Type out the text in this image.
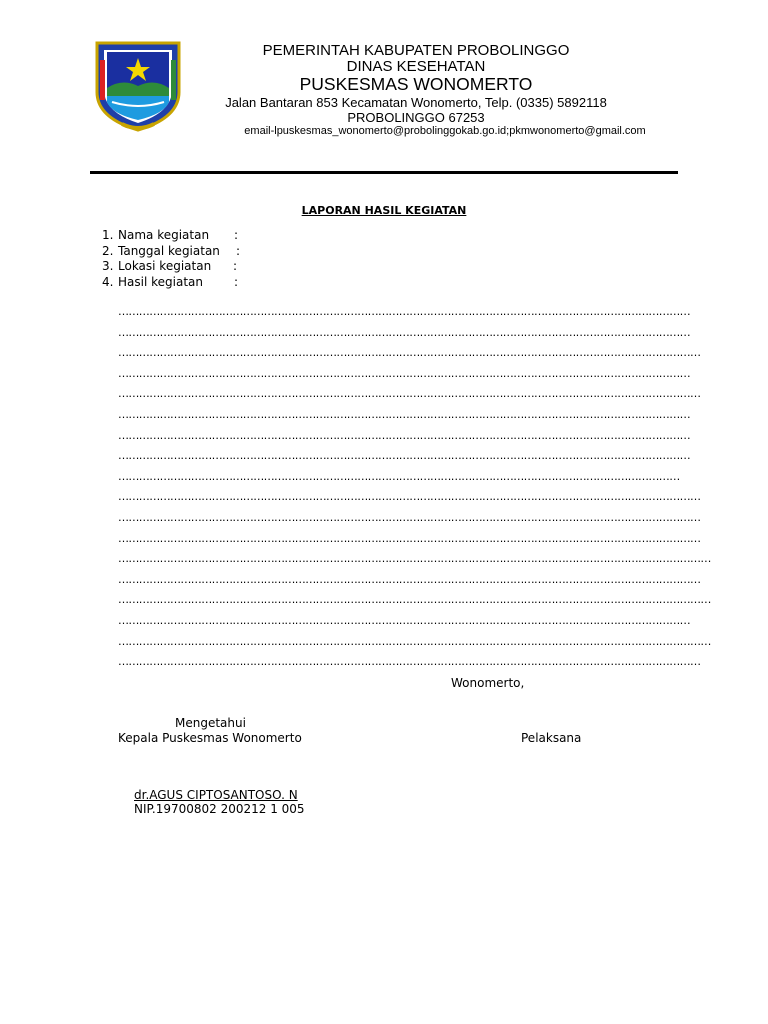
PEMERINTAH KABUPATEN PROBOLINGGO
DINAS KESEHATAN
PUSKESMAS WONOMERTO
Jalan Bantaran 853 Kecamatan Wonomerto, Telp. (0335) 5892118
PROBOLINGGO 67253
email-lpuskesmas_wonomerto@probolinggokab.go.id;pkmwonomerto@gmail.com
LAPORAN HASIL KEGIATAN
1. Nama kegiatan :
2. Tanggal kegiatan :
3. Lokasi kegiatan :
4. Hasil kegiatan	:
…………………………………………………………………………………………………………………………………………………
…………………………………………………………………………………………………………………………………………………
……………………………………………………………………………………………………………………………………………………
…………………………………………………………………………………………………………………………………………………
……………………………………………………………………………………………………………………………………………………
…………………………………………………………………………………………………………………………………………………
…………………………………………………………………………………………………………………………………………………
…………………………………………………………………………………………………………………………………………………
………………………………………………………………………………………………………………………………………………
……………………………………………………………………………………………………………………………………………………
……………………………………………………………………………………………………………………………………………………
……………………………………………………………………………………………………………………………………………………
………………………………………………………………………………………………………………………………………………………
……………………………………………………………………………………………………………………………………………………
………………………………………………………………………………………………………………………………………………………
…………………………………………………………………………………………………………………………………………………
………………………………………………………………………………………………………………………………………………………
……………………………………………………………………………………………………………………………………………………
Wonomerto,
Mengetahui
Kepala Puskesmas Wonomerto	Pelaksana
dr.AGUS CIPTOSANTOSO. N
NIP.19700802 200212 1 005
